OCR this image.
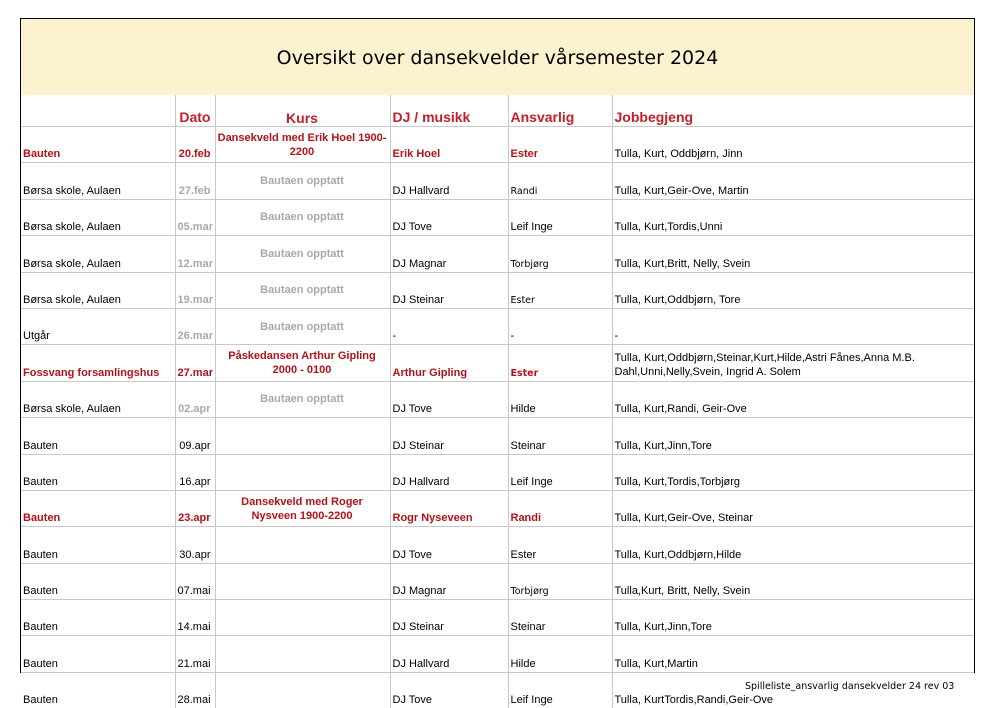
Oversikt over dansekvelder vårsemester 2024
	Dato	Kurs	DJ / musikk	Ansvarlig	Jobbegjeng
Bauten	20.feb	Dansekveld med Erik Hoel 1900-2200	Erik Hoel	Ester	Tulla, Kurt, Oddbjørn, Jinn
Børsa skole, Aulaen	27.feb	Bautaen opptatt	DJ Hallvard	Randi	Tulla, Kurt,Geir-Ove, Martin
Børsa skole, Aulaen	05.mar	Bautaen opptatt	DJ Tove	Leif Inge	Tulla, Kurt,Tordis,Unni
Børsa skole, Aulaen	12.mar	Bautaen opptatt	DJ Magnar	Torbjørg	Tulla, Kurt,Britt, Nelly, Svein
Børsa skole, Aulaen	19.mar	Bautaen opptatt	DJ Steinar	Ester	Tulla, Kurt,Oddbjørn, Tore
Utgår	26.mar	Bautaen opptatt	-	-	-
Fossvang forsamlingshus	27.mar	Påskedansen Arthur Gipling 2000 - 0100	Arthur Gipling	Ester	Tulla, Kurt,Oddbjørn,Steinar,Kurt,Hilde,Astri Fånes,Anna M.B. Dahl,Unni,Nelly,Svein, Ingrid A. Solem
Børsa skole, Aulaen	02.apr	Bautaen opptatt	DJ Tove	Hilde	Tulla, Kurt,Randi, Geir-Ove
Bauten	09.apr		DJ Steinar	Steinar	Tulla, Kurt,Jinn,Tore
Bauten	16.apr		DJ Hallvard	Leif Inge	Tulla, Kurt,Tordis,Torbjørg
Bauten	23.apr	Dansekveld med Roger Nysveen 1900-2200	Rogr Nyseveen	Randi	Tulla, Kurt,Geir-Ove, Steinar
Bauten	30.apr		DJ Tove	Ester	Tulla, Kurt,Oddbjørn,Hilde
Bauten	07.mai		DJ Magnar	Torbjørg	Tulla,Kurt, Britt, Nelly, Svein
Bauten	14.mai		DJ Steinar	Steinar	Tulla, Kurt,Jinn,Tore
Bauten	21.mai		DJ Hallvard	Hilde	Tulla, Kurt,Martin
Bauten	28.mai		DJ Tove	Leif Inge	Tulla, KurtTordis,Randi,Geir-Ove
Spilleliste_ansvarlig dansekvelder 24 rev 03
